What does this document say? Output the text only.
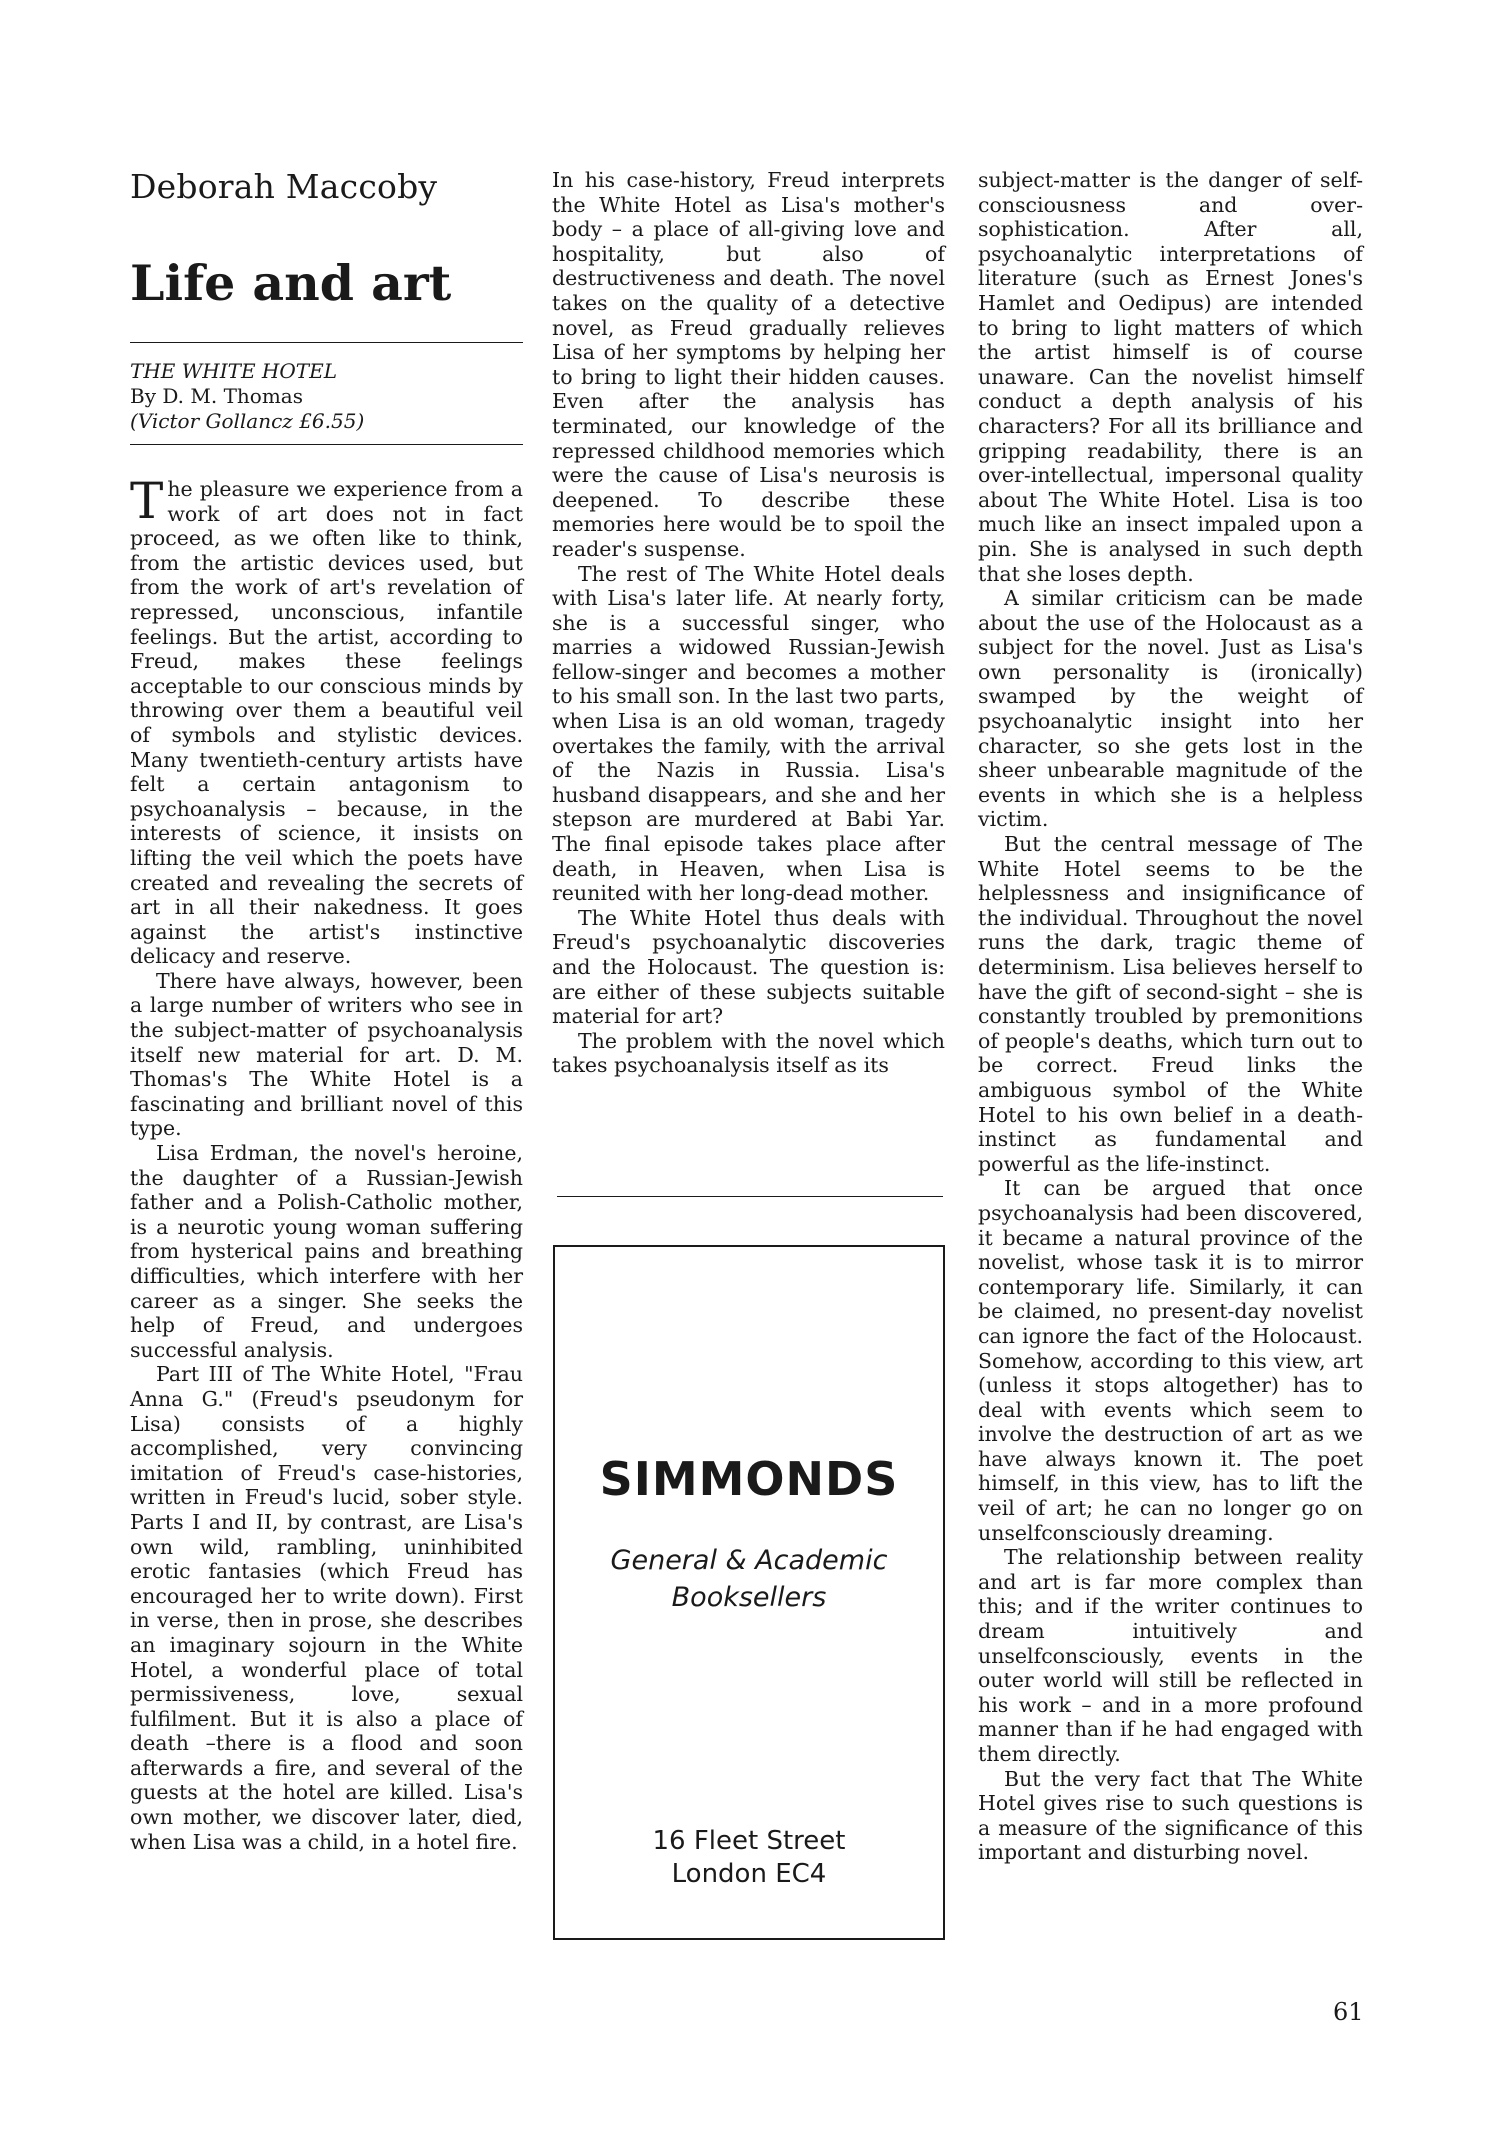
Deborah Maccoby
Life and art
THE WHITE HOTEL
By D. M. Thomas
(Victor Gollancz £6.55)

The pleasure we experience from a work of art does not in fact proceed, as we often like to think, from the artistic devices used, but from the work of art's revelation of repressed, unconscious, infantile feelings. But the artist, according to Freud, makes these feelings acceptable to our conscious minds by throwing over them a beautiful veil of symbols and stylistic devices. Many twentieth-century artists have felt a certain antagonism to psychoanalysis – because, in the interests of science, it insists on lifting the veil which the poets have created and revealing the secrets of art in all their nakedness. It goes against the artist's instinctive delicacy and reserve.

There have always, however, been a large number of writers who see in the subject-matter of psychoanalysis itself new material for art. D. M. Thomas's The White Hotel is a fascinating and brilliant novel of this type.

Lisa Erdman, the novel's heroine, the daughter of a Russian-Jewish father and a Polish-Catholic mother, is a neurotic young woman suffering from hysterical pains and breathing difficulties, which interfere with her career as a singer. She seeks the help of Freud, and undergoes successful analysis.

Part III of The White Hotel, "Frau Anna G." (Freud's pseudonym for Lisa) consists of a highly accomplished, very convincing imitation of Freud's case-histories, written in Freud's lucid, sober style. Parts I and II, by contrast, are Lisa's own wild, rambling, uninhibited erotic fantasies (which Freud has encouraged her to write down). First in verse, then in prose, she describes an imaginary sojourn in the White Hotel, a wonderful place of total permissiveness, love, sexual fulfilment. But it is also a place of death –there is a flood and soon afterwards a fire, and several of the guests at the hotel are killed. Lisa's own mother, we discover later, died, when Lisa was a child, in a hotel fire.

In his case-history, Freud interprets the White Hotel as Lisa's mother's body – a place of all-giving love and hospitality, but also of destructiveness and death. The novel takes on the quality of a detective novel, as Freud gradually relieves Lisa of her symptoms by helping her to bring to light their hidden causes. Even after the analysis has terminated, our knowledge of the repressed childhood memories which were the cause of Lisa's neurosis is deepened. To describe these memories here would be to spoil the reader's suspense.

The rest of The White Hotel deals with Lisa's later life. At nearly forty, she is a successful singer, who marries a widowed Russian-Jewish fellow-singer and becomes a mother to his small son. In the last two parts, when Lisa is an old woman, tragedy overtakes the family, with the arrival of the Nazis in Russia. Lisa's husband disappears, and she and her stepson are murdered at Babi Yar. The final episode takes place after death, in Heaven, when Lisa is reunited with her long-dead mother.

The White Hotel thus deals with Freud's psychoanalytic discoveries and the Holocaust. The question is: are either of these subjects suitable material for art?

The problem with the novel which takes psychoanalysis itself as its

SIMMONDS
General & Academic Booksellers
16 Fleet Street
London EC4

subject-matter is the danger of self-consciousness and over-sophistication. After all, psychoanalytic interpretations of literature (such as Ernest Jones's Hamlet and Oedipus) are intended to bring to light matters of which the artist himself is of course unaware. Can the novelist himself conduct a depth analysis of his characters? For all its brilliance and gripping readability, there is an over-intellectual, impersonal quality about The White Hotel. Lisa is too much like an insect impaled upon a pin. She is analysed in such depth that she loses depth.

A similar criticism can be made about the use of the Holocaust as a subject for the novel. Just as Lisa's own personality is (ironically) swamped by the weight of psychoanalytic insight into her character, so she gets lost in the sheer unbearable magnitude of the events in which she is a helpless victim.

But the central message of The White Hotel seems to be the helplessness and insignificance of the individual. Throughout the novel runs the dark, tragic theme of determinism. Lisa believes herself to have the gift of second-sight – she is constantly troubled by premonitions of people's deaths, which turn out to be correct. Freud links the ambiguous symbol of the White Hotel to his own belief in a death-instinct as fundamental and powerful as the life-instinct.

It can be argued that once psychoanalysis had been discovered, it became a natural province of the novelist, whose task it is to mirror contemporary life. Similarly, it can be claimed, no present-day novelist can ignore the fact of the Holocaust. Somehow, according to this view, art (unless it stops altogether) has to deal with events which seem to involve the destruction of art as we have always known it. The poet himself, in this view, has to lift the veil of art; he can no longer go on unselfconsciously dreaming.

The relationship between reality and art is far more complex than this; and if the writer continues to dream intuitively and unselfconsciously, events in the outer world will still be reflected in his work – and in a more profound manner than if he had engaged with them directly.

But the very fact that The White Hotel gives rise to such questions is a measure of the significance of this important and disturbing novel.

61
